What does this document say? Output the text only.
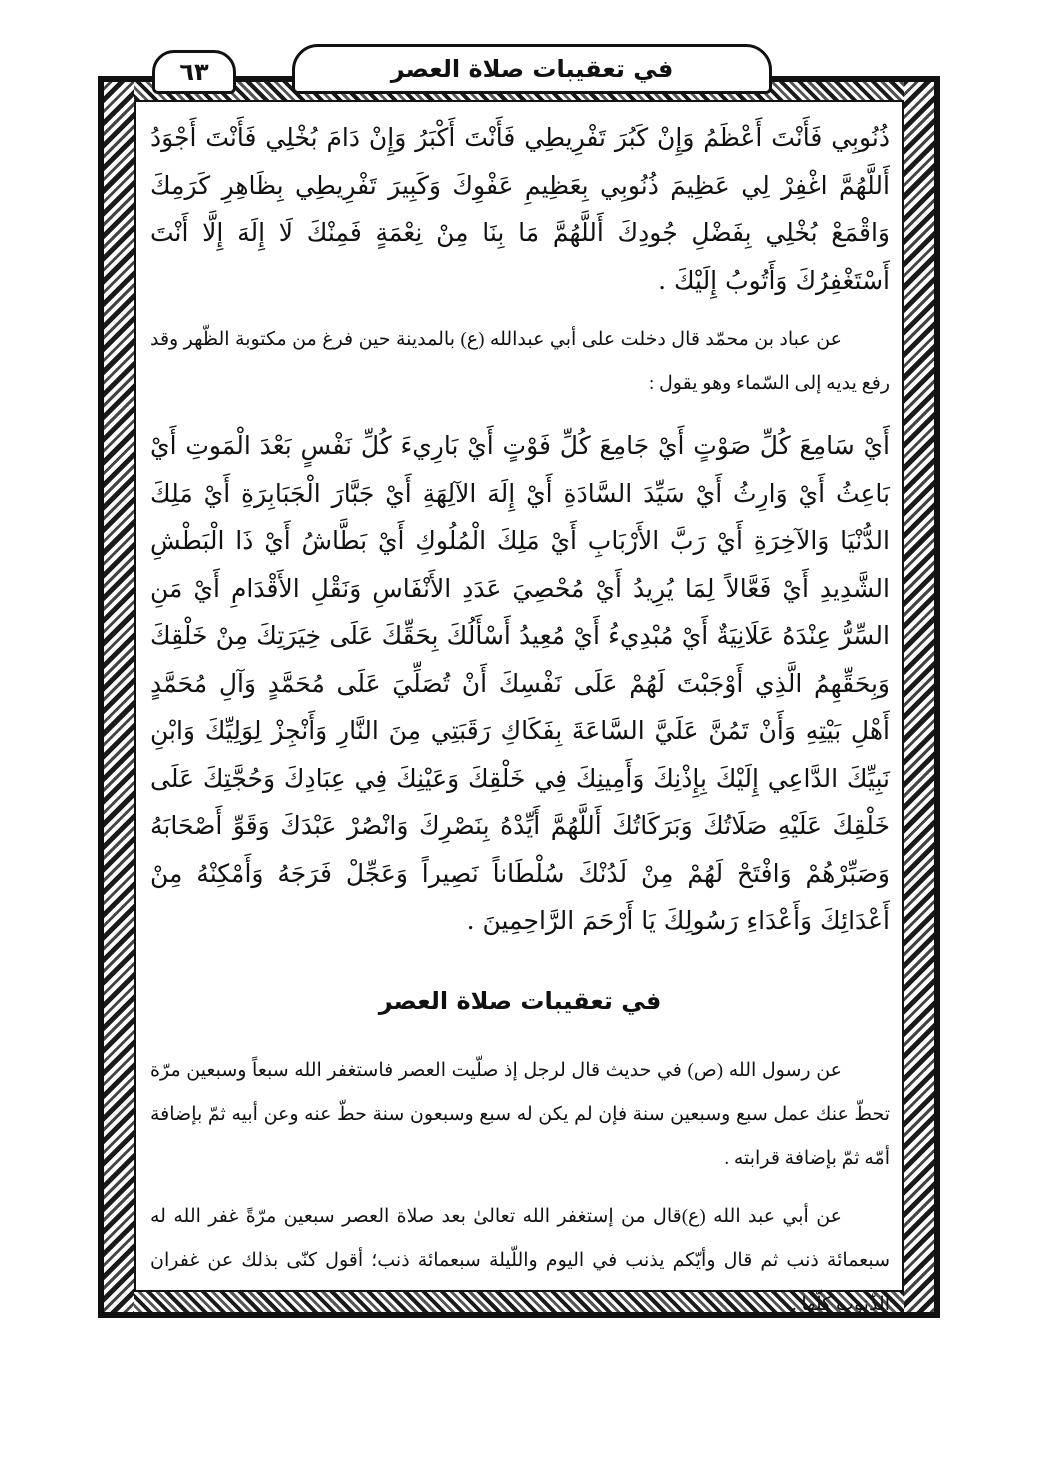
في تعقيبات صلاة العصر
٦٣

ذُنُوبِي فَأَنْتَ أَعْظَمُ وَإِنْ كَبُرَ تَفْرِيطِي فَأَنْتَ أَكْبَرُ وَإِنْ دَامَ بُخْلِي فَأَنْتَ أَجْوَدُ أَللَّهُمَّ اغْفِرْ لِي عَظِيمَ ذُنُوبِي بِعَظِيمِ عَفْوِكَ وَكَبِيرَ تَفْرِيطِي بِظَاهِرِ كَرَمِكَ وَاقْمَعْ بُخْلِي بِفَضْلِ جُودِكَ أَللَّهُمَّ مَا بِنَا مِنْ نِعْمَةٍ فَمِنْكَ لَا إِلَهَ إِلَّا أَنْتَ أَسْتَغْفِرُكَ وَأَتُوبُ إِلَيْكَ .

عن عباد بن محمّد قال دخلت على أبي عبدالله (ع) بالمدينة حين فرغ من مكتوبة الظّهر وقد رفع يديه إلى السّماء وهو يقول :

أَيْ سَامِعَ كُلِّ صَوْتٍ أَيْ جَامِعَ كُلِّ فَوْتٍ أَيْ بَارِيءَ كُلِّ نَفْسٍ بَعْدَ الْمَوتِ أَيْ بَاعِثُ أَيْ وَارِثُ أَيْ سَيِّدَ السَّادَةِ أَيْ إِلَهَ الآلِهَةِ أَيْ جَبَّارَ الْجَبَابِرَةِ أَيْ مَلِكَ الدُّنْيَا وَالآخِرَةِ أَيْ رَبَّ الأَرْبَابِ أَيْ مَلِكَ الْمُلُوكِ أَيْ بَطَّاشُ أَيْ ذَا الْبَطْشِ الشَّدِيدِ أَيْ فَعَّالاً لِمَا يُرِيدُ أَيْ مُحْصِيَ عَدَدِ الأَنْفَاسِ وَنَقْلِ الأَقْدَامِ أَيْ مَنِ السِّرُّ عِنْدَهُ عَلَانِيَةٌ أَيْ مُبْدِيءُ أَيْ مُعِيدُ أَسْأَلُكَ بِحَقِّكَ عَلَى خِيَرَتِكَ مِنْ خَلْقِكَ وَبِحَقِّهِمُ الَّذِي أَوْجَبْتَ لَهُمْ عَلَى نَفْسِكَ أَنْ تُصَلِّيَ عَلَى مُحَمَّدٍ وَآلِ مُحَمَّدٍ أَهْلِ بَيْتِهِ وَأَنْ تَمُنَّ عَلَيَّ السَّاعَةَ بِفَكَاكِ رَقَبَتِي مِنَ النَّارِ وَأَنْجِزْ لِوَلِيِّكَ وَابْنِ نَبِيِّكَ الدَّاعِي إِلَيْكَ بِإِذْنِكَ وَأَمِينِكَ فِي خَلْقِكَ وَعَيْنِكَ فِي عِبَادِكَ وَحُجَّتِكَ عَلَى خَلْقِكَ عَلَيْهِ صَلَاتُكَ وَبَرَكَاتُكَ أَللَّهُمَّ أَيِّدْهُ بِنَصْرِكَ وَانْصُرْ عَبْدَكَ وَقَوِّ أَصْحَابَهُ وَصَبِّرْهُمْ وَافْتَحْ لَهُمْ مِنْ لَدُنْكَ سُلْطَاناً نَصِيراً وَعَجِّلْ فَرَجَهُ وَأَمْكِنْهُ مِنْ أَعْدَائِكَ وَأَعْدَاءِ رَسُولِكَ يَا أَرْحَمَ الرَّاحِمِينَ .

في تعقيبات صلاة العصر

عن رسول الله (ص) في حديث قال لرجل إذ صلّيت العصر فاستغفر الله سبعاً وسبعين مرّة تحطّ عنك عمل سبع وسبعين سنة فإن لم يكن له سبع وسبعون سنة حطّ عنه وعن أبيه ثمّ بإضافة أمّه ثمّ بإضافة قرابته .

عن أبي عبد الله (ع)قال من إستغفر الله تعالىٰ بعد صلاة العصر سبعين مرّةً غفر الله له سبعمائة ذنب ثم قال وأيّكم يذنب في اليوم واللّيلة سبعمائة ذنب؛ أقول كنّى بذلك عن غفران الذّنوب كلّها .
